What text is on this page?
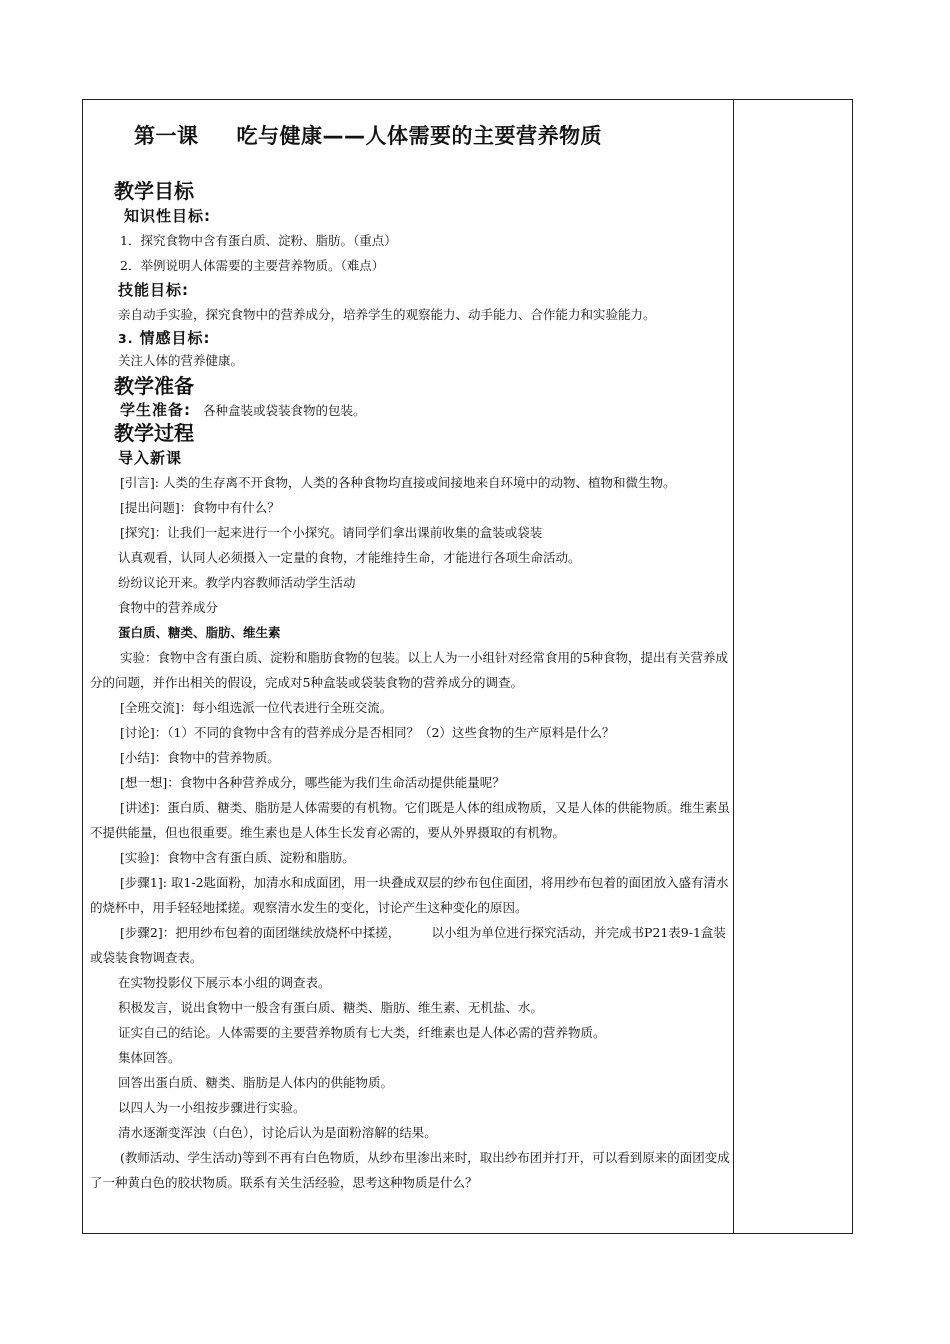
第一课 吃与健康——人体需要的主要营养物质
教学目标
知识性目标:
1．探究食物中含有蛋白质、淀粉、脂肪。（重点）
2．举例说明人体需要的主要营养物质。（难点）
技能目标:
亲自动手实验，探究食物中的营养成分，培养学生的观察能力、动手能力、合作能力和实验能力。
3. 情感目标:
关注人体的营养健康。
教学准备
学生准备: 各种盒装或袋装食物的包装。
教学过程
导入新课
[引言]: 人类的生存离不开食物，人类的各种食物均直接或间接地来自环境中的动物、植物和微生物。
[提出问题]：食物中有什么？
[探究]：让我们一起来进行一个小探究。请同学们拿出课前收集的盒装或袋装
认真观看，认同人必须摄入一定量的食物，才能维持生命，才能进行各项生命活动。
纷纷议论开来。教学内容教师活动学生活动
食物中的营养成分
蛋白质、糖类、脂肪、维生素
实验：食物中含有蛋白质、淀粉和脂肪食物的包装。以上人为一小组针对经常食用的5种食物，提出有关营养成分的问题，并作出相关的假设，完成对5种盒装或袋装食物的营养成分的调查。
[全班交流]：每小组选派一位代表进行全班交流。
[讨论]：（1）不同的食物中含有的营养成分是否相同？（2）这些食物的生产原料是什么？
[小结]：食物中的营养物质。
[想一想]：食物中各种营养成分，哪些能为我们生命活动提供能量呢？
[讲述]：蛋白质、糖类、脂肪是人体需要的有机物。它们既是人体的组成物质，又是人体的供能物质。维生素虽不提供能量，但也很重要。维生素也是人体生长发育必需的，要从外界摄取的有机物。
[实验]：食物中含有蛋白质、淀粉和脂肪。
[步骤1]: 取1-2匙面粉，加清水和成面团，用一块叠成双层的纱布包住面团，将用纱布包着的面团放入盛有清水的烧杯中，用手轻轻地揉搓。观察清水发生的变化，讨论产生这种变化的原因。
[步骤2]：把用纱布包着的面团继续放烧杯中揉搓，　　　以小组为单位进行探究活动，并完成书P21表9-1盒装或袋装食物调查表。
在实物投影仪下展示本小组的调查表。
积极发言，说出食物中一般含有蛋白质、糖类、脂肪、维生素、无机盐、水。
证实自己的结论。人体需要的主要营养物质有七大类，纤维素也是人体必需的营养物质。
集体回答。
回答出蛋白质、糖类、脂肪是人体内的供能物质。
以四人为一小组按步骤进行实验。
清水逐渐变浑浊（白色），讨论后认为是面粉溶解的结果。
(教师活动、学生活动)等到不再有白色物质，从纱布里渗出来时，取出纱布团并打开，可以看到原来的面团变成了一种黄白色的胶状物质。联系有关生活经验，思考这种物质是什么？
